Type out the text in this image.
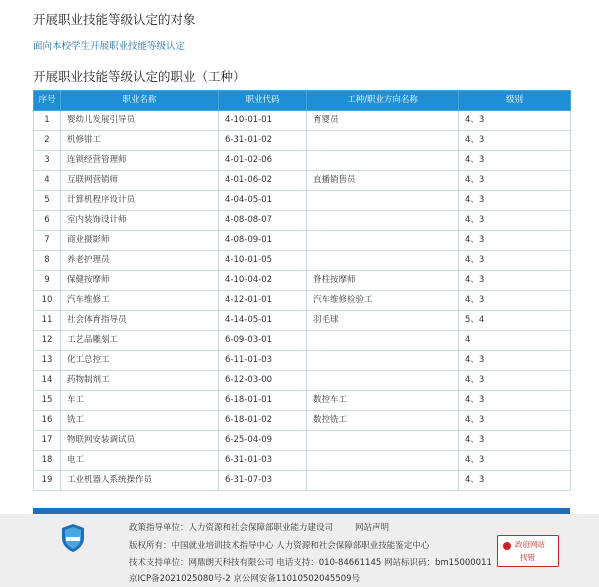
开展职业技能等级认定的对象
面向本校学生开展职业技能等级认定
开展职业技能等级认定的职业（工种）
序号	职业名称	职业代码	工种/职业方向名称	级别
1	婴幼儿发展引导员	4-10-01-01	育婴员	4、3
2	机修钳工	6-31-01-02		4、3
3	连锁经营管理师	4-01-02-06		4、3
4	互联网营销师	4-01-06-02	直播销售员	4、3
5	计算机程序设计员	4-04-05-01		4、3
6	室内装饰设计师	4-08-08-07		4、3
7	商业摄影师	4-08-09-01		4、3
8	养老护理员	4-10-01-05		4、3
9	保健按摩师	4-10-04-02	脊柱按摩师	4、3
10	汽车维修工	4-12-01-01	汽车维修检验工	4、3
11	社会体育指导员	4-14-05-01	羽毛球	5、4
12	工艺品雕刻工	6-09-03-01		4
13	化工总控工	6-11-01-03		4、3
14	药物制剂工	6-12-03-00		4、3
15	车工	6-18-01-01	数控车工	4、3
16	铣工	6-18-01-02	数控铣工	4、3
17	物联网安装调试员	6-25-04-09		4、3
18	电工	6-31-01-03		4、3
19	工业机器人系统操作员	6-31-07-03		4、3
政策指导单位：人力资源和社会保障部职业能力建设司	网站声明
版权所有：中国就业培训技术指导中心 人力资源和社会保障部职业技能鉴定中心
技术支持单位：网鼎朗天科技有限公司 电话支持：010-84661145 网站标识码：bm15000011
京ICP备2021025080号-2 京公网安备11010502045509号
政府网站
找错
